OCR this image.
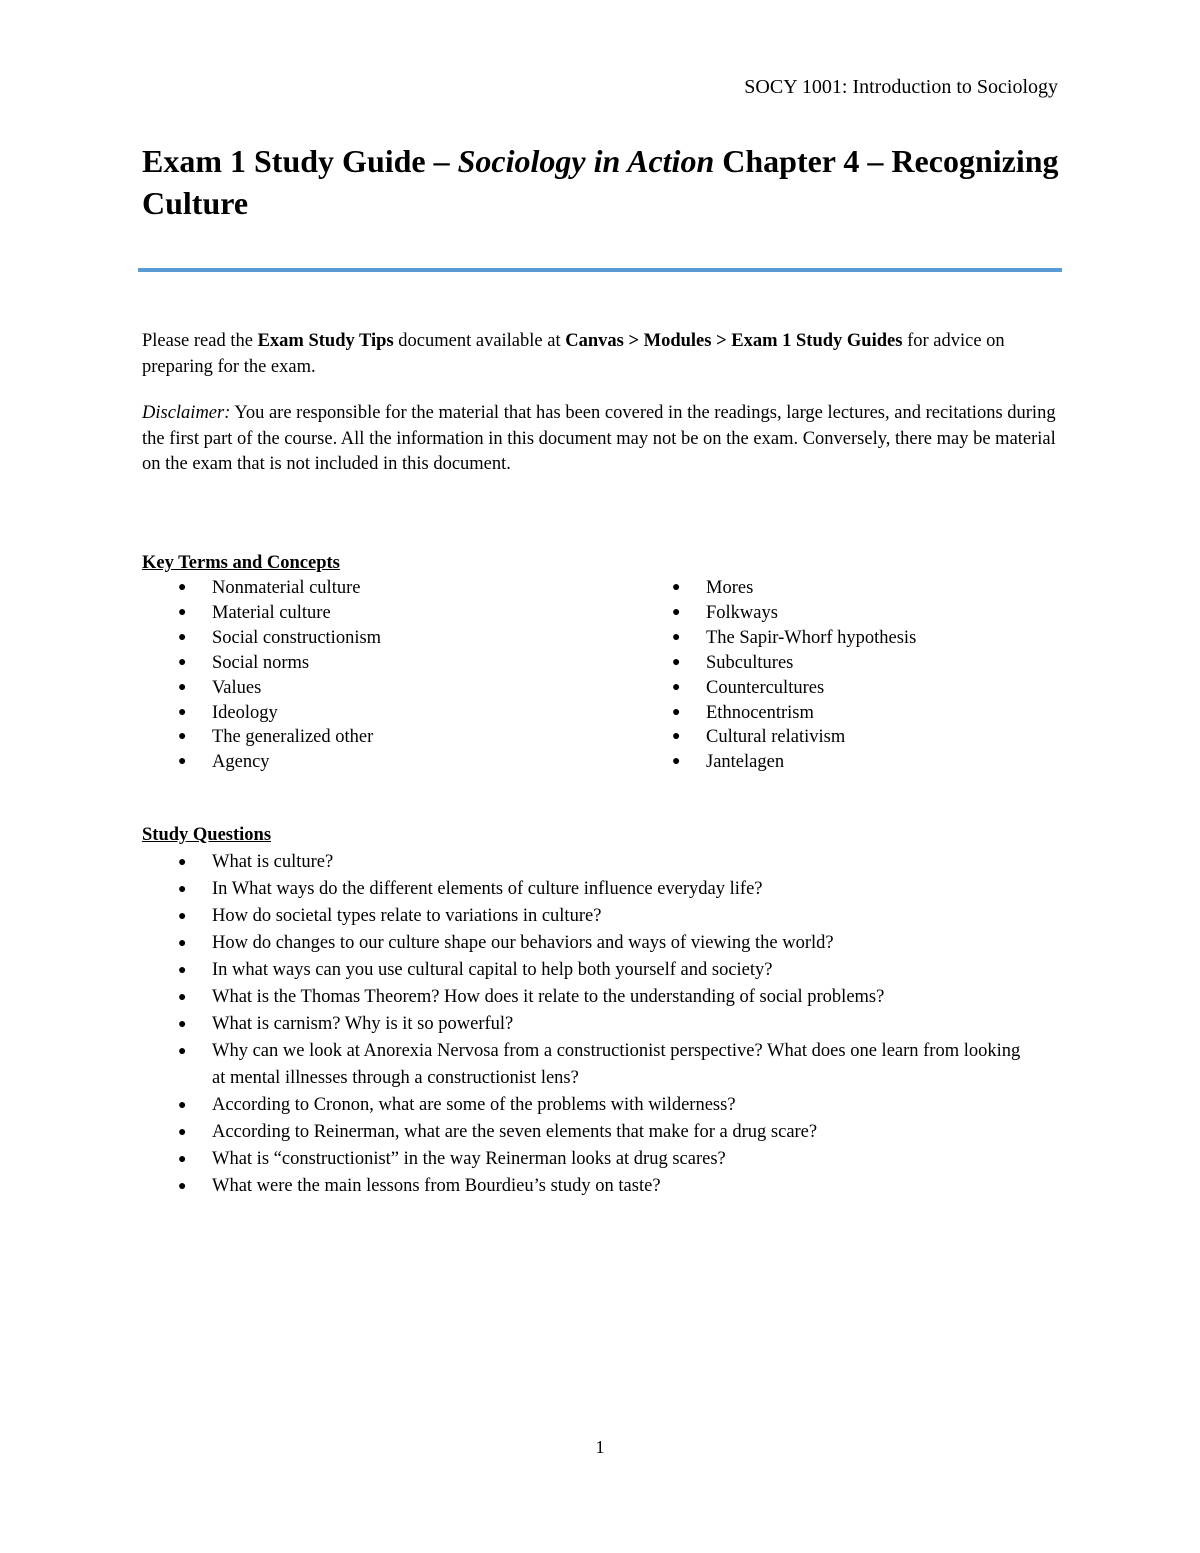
SOCY 1001: Introduction to Sociology
Exam 1 Study Guide – Sociology in Action Chapter 4 – Recognizing Culture

Please read the Exam Study Tips document available at Canvas > Modules > Exam 1 Study Guides for advice on preparing for the exam.

Disclaimer: You are responsible for the material that has been covered in the readings, large lectures, and recitations during the first part of the course. All the information in this document may not be on the exam. Conversely, there may be material on the exam that is not included in this document.

Key Terms and Concepts
● Nonmaterial culture
● Material culture
● Social constructionism
● Social norms
● Values
● Ideology
● The generalized other
● Agency
● Mores
● Folkways
● The Sapir-Whorf hypothesis
● Subcultures
● Countercultures
● Ethnocentrism
● Cultural relativism
● Jantelagen
Study Questions
● What is culture?
● In What ways do the different elements of culture influence everyday life?
● How do societal types relate to variations in culture?
● How do changes to our culture shape our behaviors and ways of viewing the world?
● In what ways can you use cultural capital to help both yourself and society?
● What is the Thomas Theorem? How does it relate to the understanding of social problems?
● What is carnism? Why is it so powerful?
● Why can we look at Anorexia Nervosa from a constructionist perspective? What does one learn from looking at mental illnesses through a constructionist lens?
● According to Cronon, what are some of the problems with wilderness?
● According to Reinerman, what are the seven elements that make for a drug scare?
● What is “constructionist” in the way Reinerman looks at drug scares?
● What were the main lessons from Bourdieu’s study on taste?
1
